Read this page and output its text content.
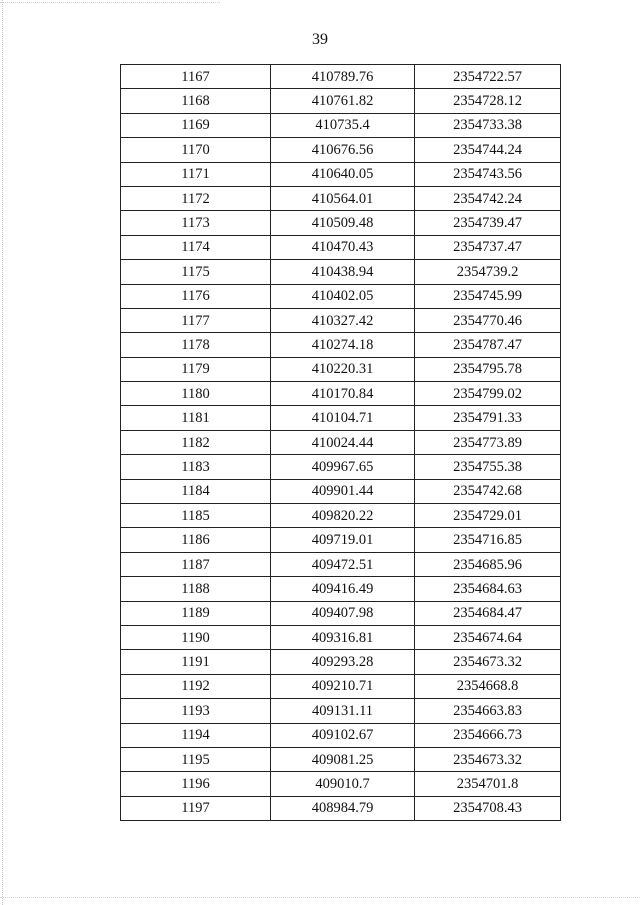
39
1167	410789.76	2354722.57
1168	410761.82	2354728.12
1169	410735.4	2354733.38
1170	410676.56	2354744.24
1171	410640.05	2354743.56
1172	410564.01	2354742.24
1173	410509.48	2354739.47
1174	410470.43	2354737.47
1175	410438.94	2354739.2
1176	410402.05	2354745.99
1177	410327.42	2354770.46
1178	410274.18	2354787.47
1179	410220.31	2354795.78
1180	410170.84	2354799.02
1181	410104.71	2354791.33
1182	410024.44	2354773.89
1183	409967.65	2354755.38
1184	409901.44	2354742.68
1185	409820.22	2354729.01
1186	409719.01	2354716.85
1187	409472.51	2354685.96
1188	409416.49	2354684.63
1189	409407.98	2354684.47
1190	409316.81	2354674.64
1191	409293.28	2354673.32
1192	409210.71	2354668.8
1193	409131.11	2354663.83
1194	409102.67	2354666.73
1195	409081.25	2354673.32
1196	409010.7	2354701.8
1197	408984.79	2354708.43
